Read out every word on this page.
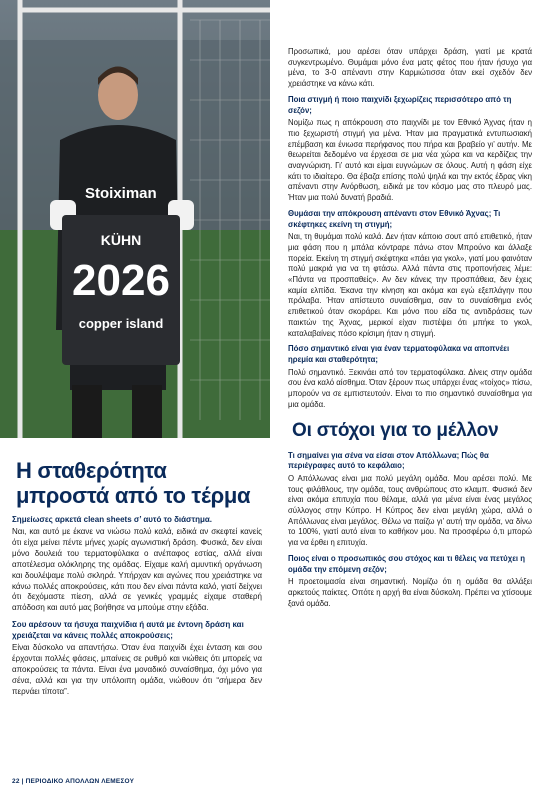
Stoiximan
KÜHN
2026
copper island
Η σταθερότητα μπροστά από το τέρμα

Σημείωσες αρκετά clean sheets σ’ αυτό το διάστημα.

Ναι, και αυτό με έκανε να νιώσω πολύ καλά, ειδικά αν σκεφτεί κανείς ότι είχα μείνει πέντε μήνες χωρίς αγωνιστική δράση. Φυσικά, δεν είναι μόνο δουλειά του τερματοφύλακα ο ανέπαφος εστίας, αλλά είναι αποτέλεσμα ολόκληρης της ομάδας. Είχαμε καλή αμυντική οργάνωση και δουλέψαμε πολύ σκληρά. Υπήρχαν και αγώνες που χρειάστηκε να κάνω πολλές αποκρούσεις, κάτι που δεν είναι πάντα καλό, γιατί δείχνει ότι δεχόμαστε πίεση, αλλά σε γενικές γραμμές είχαμε σταθερή απόδοση και αυτό μας βοήθησε να μπούμε στην εξάδα.

Σου αρέσουν τα ήσυχα παιχνίδια ή αυτά με έντονη δράση και χρειάζεται να κάνεις πολλές αποκρούσεις;

Είναι δύσκολο να απαντήσω. Όταν ένα παιχνίδι έχει ένταση και σου έρχονται πολλές φάσεις, μπαίνεις σε ρυθμό και νιώθεις ότι μπορείς να αποκρούσεις τα πάντα. Είναι ένα μοναδικό συναίσθημα, όχι μόνο για σένα, αλλά και για την υπόλοιπη ομάδα, νιώθουν ότι “σήμερα δεν περνάει τίποτα”.

Προσωπικά, μου αρέσει όταν υπάρχει δράση, γιατί με κρατά συγκεντρωμένο. Θυμάμαι μόνο ένα ματς φέτος που ήταν ήσυχο για μένα, το 3-0 απέναντι στην Καρμιώτισσα όταν εκεί σχεδόν δεν χρειάστηκε να κάνω κάτι.

Ποια στιγμή ή ποιο παιχνίδι ξεχωρίζεις περισσότερο από τη σεζόν;

Νομίζω πως η απόκρουση στο παιχνίδι με τον Εθνικό Άχνας ήταν η πιο ξεχωριστή στιγμή για μένα. Ήταν μια πραγματικά εντυπωσιακή επέμβαση και ένιωσα περήφανος που πήρα και βραβείο γι’ αυτήν. Με θεωρείται δεδομένο να έρχεσαι σε μια νέα χώρα και να κερδίζεις την αναγνώριση. Γι’ αυτό και είμαι ευγνώμων σε όλους. Αυτή η φάση είχε κάτι το ιδιαίτερο. Θα έβαζα επίσης πολύ ψηλά και την εκτός έδρας νίκη απέναντι στην Ανόρθωση, ειδικά με τον κόσμο μας στο πλευρό μας. Ήταν μια πολύ δυνατή βραδιά.

Θυμάσαι την απόκρουση απέναντι στον Εθνικό Άχνας; Τι σκέφτηκες εκείνη τη στιγμή;

Ναι, τη θυμάμαι πολύ καλά. Δεν ήταν κάποιο σουτ από επιθετικό, ήταν μια φάση που η μπάλα κόντραρε πάνω στον Μπρούνο και άλλαξε πορεία. Εκείνη τη στιγμή σκέφτηκα «πάει για γκολ», γιατί μου φαινόταν πολύ μακριά για να τη φτάσω. Αλλά πάντα στις προπονήσεις λέμε: «Πάντα να προσπαθείς». Αν δεν κάνεις την προσπάθεια, δεν έχεις καμία ελπίδα. Έκανα την κίνηση και ακόμα και εγώ εξεπλάγην που πρόλαβα. Ήταν απίστευτο συναίσθημα, σαν το συναίσθημα ενός επιθετικού όταν σκοράρει. Και μόνο που είδα τις αντιδράσεις των παικτών της Άχνας, μερικοί είχαν πιστέψει ότι μπήκε το γκολ, καταλαβαίνεις πόσο κρίσιμη ήταν η στιγμή.

Πόσο σημαντικό είναι για έναν τερματοφύλακα να αποπνέει ηρεμία και σταθερότητα;

Πολύ σημαντικό. Ξεκινάει από τον τερματοφύλακα. Δίνεις στην ομάδα σου ένα καλό αίσθημα. Όταν ξέρουν πως υπάρχει ένας «τοίχος» πίσω, μπορούν να σε εμπιστευτούν. Είναι το πιο σημαντικό συναίσθημα για μια ομάδα.

Οι στόχοι για το μέλλον

Τι σημαίνει για σένα να είσαι στον Απόλλωνα; Πώς θα περιέγραφες αυτό το κεφάλαιο;

Ο Απόλλωνας είναι μια πολύ μεγάλη ομάδα. Μου αρέσει πολύ. Με τους φιλάθλους, την ομάδα, τους ανθρώπους στο κλαμπ. Φυσικά δεν είναι ακόμα επιτυχία που θέλαμε, αλλά για μένα είναι ένας μεγάλος σύλλογος στην Κύπρο. Η Κύπρος δεν είναι μεγάλη χώρα, αλλά ο Απόλλωνας είναι μεγάλος. Θέλω να παίζω γι’ αυτή την ομάδα, να δίνω το 100%, γιατί αυτό είναι το καθήκον μου. Να προσφέρω ό,τι μπορώ για να έρθει η επιτυχία.

Ποιος είναι ο προσωπικός σου στόχος και τι θέλεις να πετύχει η ομάδα την επόμενη σεζόν;

Η προετοιμασία είναι σημαντική. Νομίζω ότι η ομάδα θα αλλάξει αρκετούς παίκτες. Οπότε η αρχή θα είναι δύσκολη. Πρέπει να χτίσουμε ξανά ομάδα.

22 | ΠΕΡΙΟΔΙΚΟ ΑΠΟΛΛΩΝ ΛΕΜΕΣΟΥ
